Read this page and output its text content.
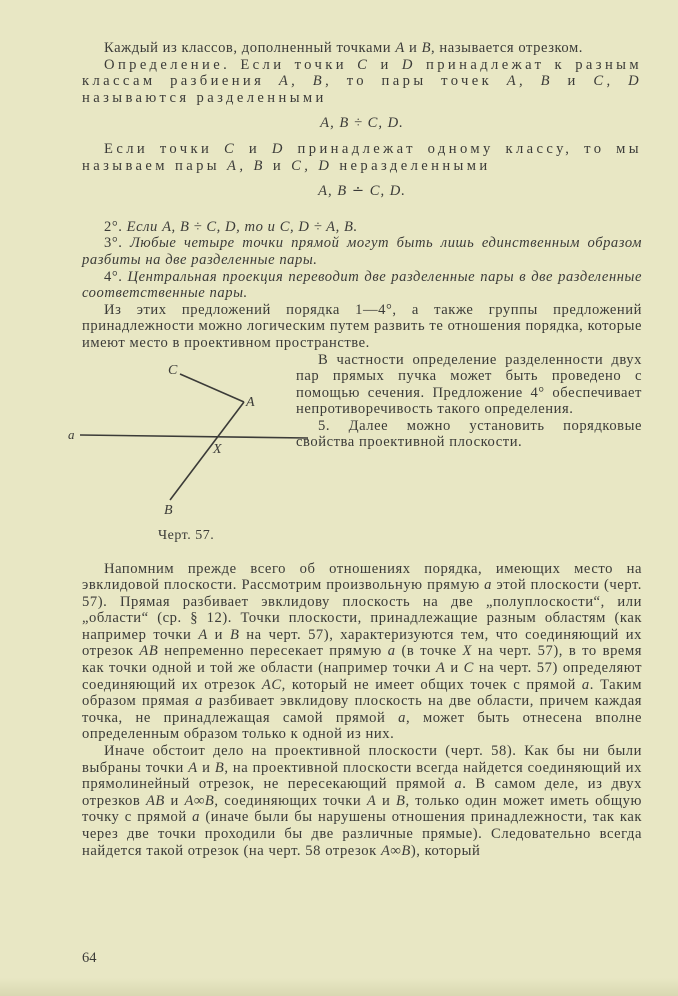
Каждый из классов, дополненный точками A и B, называется отрезком.

Определение. Если точки C и D принадлежат к разным классам разбиения A, B, то пары точек A, B и C, D называются разделенными

A, B ÷ C, D.

Если точки C и D принадлежат одному классу, то мы называем пары A, B и C, D неразделенными

A, B ∸ C, D.

2°. Если A, B ÷ C, D, то и C, D ÷ A, B.

3°. Любые четыре точки прямой могут быть лишь единственным образом разбиты на две разделенные пары.

4°. Центральная проекция переводит две разделенные пары в две разделенные соответственные пары.

Из этих предложений порядка 1—4°, а также группы предложений принадлежности можно логическим путем развить те отношения порядка, которые имеют место в проективном пространстве.

C
A
a
X
B
Черт. 57.

В частности определение разделенности двух пар прямых пучка может быть проведено с помощью сечения. Предложение 4° обеспечивает непротиворечивость такого определения.

5. Далее можно установить порядковые свойства проективной плоскости.

Напомним прежде всего об отношениях порядка, имеющих место на эвклидовой плоскости. Рассмотрим произвольную прямую a этой плоскости (черт. 57). Прямая разбивает эвклидову плоскость на две „полуплоскости“, или „области“ (ср. § 12). Точки плоскости, принадлежащие разным областям (как например точки A и B на черт. 57), характеризуются тем, что соединяющий их отрезок AB непременно пересекает прямую a (в точке X на черт. 57), в то время как точки одной и той же области (например точки A и C на черт. 57) определяют соединяющий их отрезок AC, который не имеет общих точек с прямой a. Таким образом прямая a разбивает эвклидову плоскость на две области, причем каждая точка, не принадлежащая самой прямой a, может быть отнесена вполне определенным образом только к одной из них.

Иначе обстоит дело на проективной плоскости (черт. 58). Как бы ни были выбраны точки A и B, на проективной плоскости всегда найдется соединяющий их прямолинейный отрезок, не пересекающий прямой a. В самом деле, из двух отрезков AB и A∞B, соединяющих точки A и B, только один может иметь общую точку с прямой a (иначе были бы нарушены отношения принадлежности, так как через две точки проходили бы две различные прямые). Следовательно всегда найдется такой отрезок (на черт. 58 отрезок A∞B), который

64
